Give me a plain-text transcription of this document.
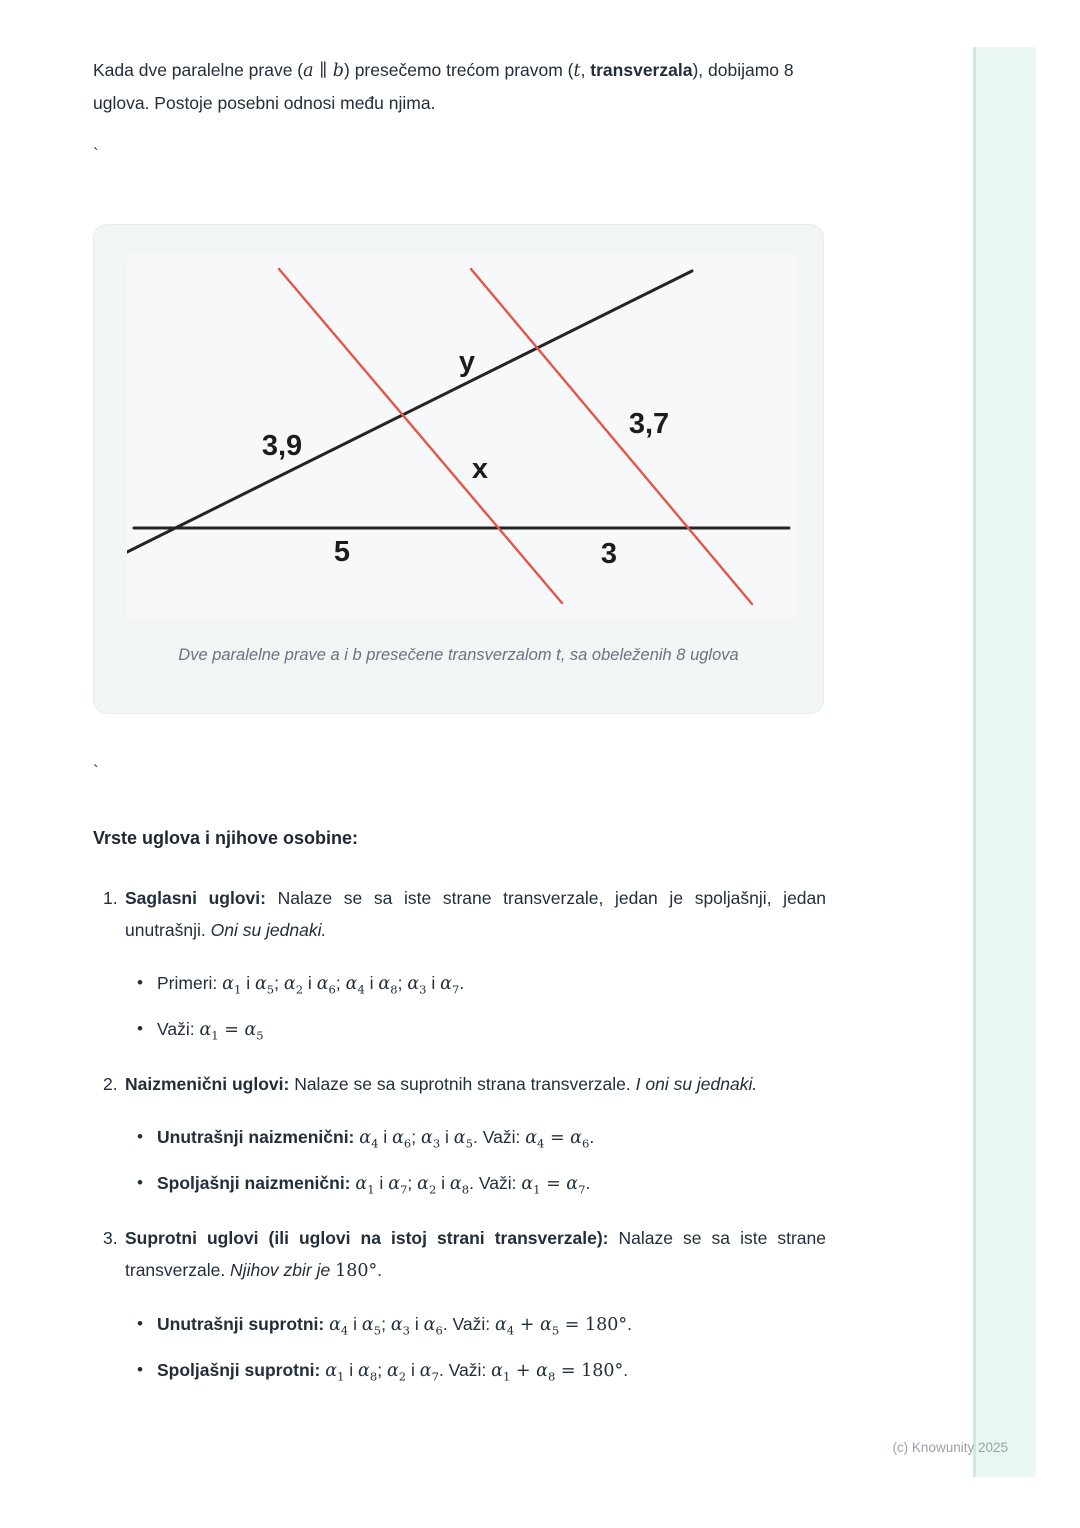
Kada dve paralelne prave (a ∥ b) presečemo trećom pravom (t, transverzala), dobijamo 8 uglova. Postoje posebni odnosi među njima.

`
y
3,7
3,9
x
5	3
Dve paralelne prave a i b presečene transverzalom t, sa obeleženih 8 uglova
`
Vrste uglova i njihove osobine:
1. Saglasni uglovi: Nalaze se sa iste strane transverzale, jedan je spoljašnji, jedan unutrašnji. Oni su jednaki.

• Primeri: $\alpha_1$ i $\alpha_5$; $\alpha_2$ i $\alpha_6$; $\alpha_4$ i $\alpha_8$; $\alpha_3$ i $\alpha_7$.
• Važi: $\alpha_1 = \alpha_5$
2. Naizmenični uglovi: Nalaze se sa suprotnih strana transverzale. I oni su jednaki.

• Unutrašnji naizmenični: $\alpha_4$ i $\alpha_6$; $\alpha_3$ i $\alpha_5$. Važi: $\alpha_4 = \alpha_6$.
• Spoljašnji naizmenični: $\alpha_1$ i $\alpha_7$; $\alpha_2$ i $\alpha_8$. Važi: $\alpha_1 = \alpha_7$.
3. Suprotni uglovi (ili uglovi na istoj strani transverzale): Nalaze se sa iste strane transverzale. Njihov zbir je 180°.

• Unutrašnji suprotni: $\alpha_4$ i $\alpha_5$; $\alpha_3$ i $\alpha_6$. Važi: $\alpha_4 + \alpha_5 = 180^\circ$.
• Spoljašnji suprotni: $\alpha_1$ i $\alpha_8$; $\alpha_2$ i $\alpha_7$. Važi: $\alpha_1 + \alpha_8 = 180^\circ$.
(c) Knowunity 2025
